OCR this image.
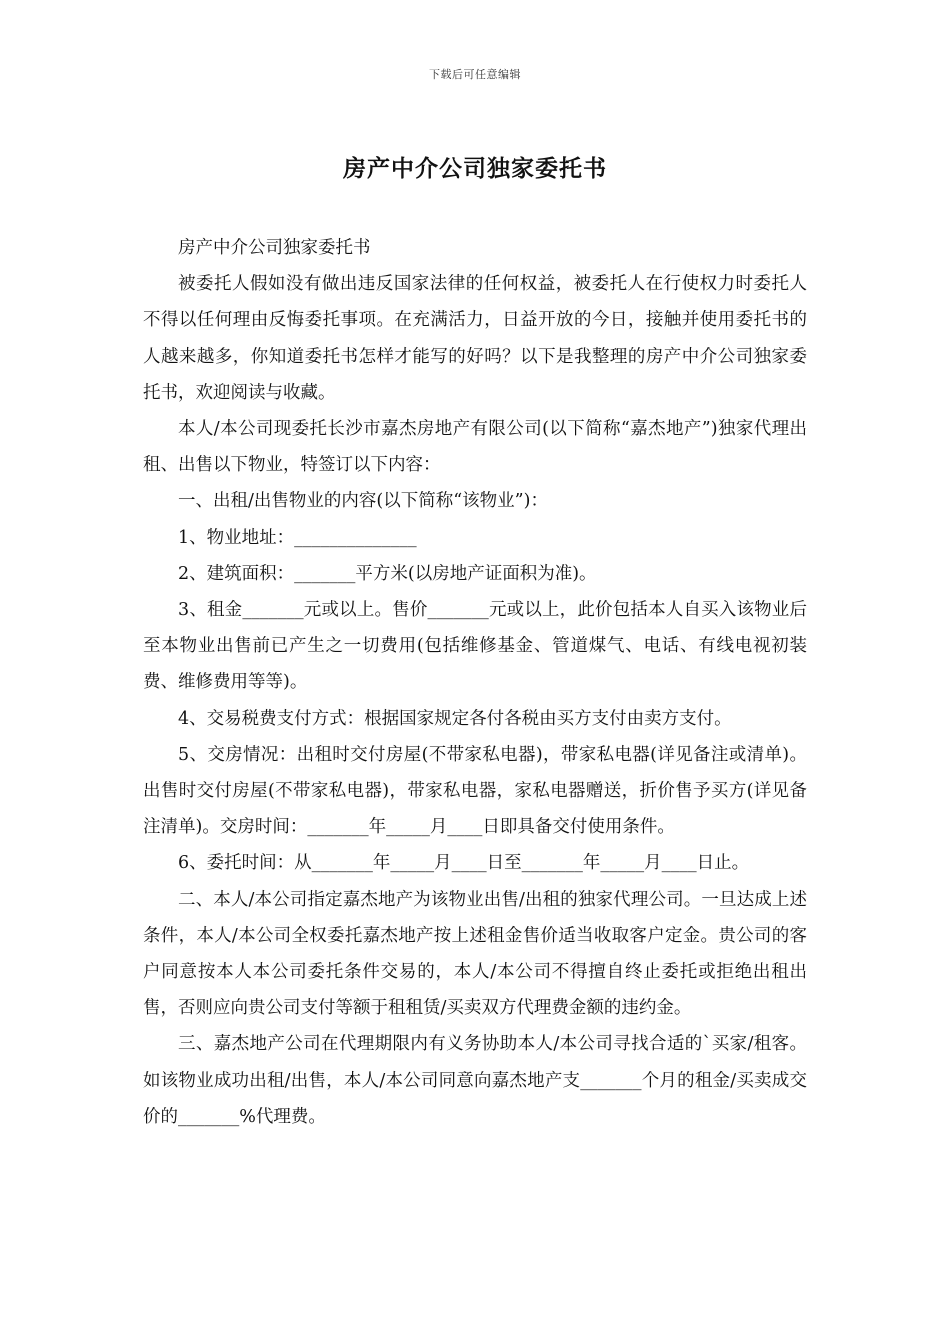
下载后可任意编辑
房产中介公司独家委托书

房产中介公司独家委托书

被委托人假如没有做出违反国家法律的任何权益，被委托人在行使权力时委托人不得以任何理由反悔委托事项。在充满活力，日益开放的今日，接触并使用委托书的人越来越多，你知道委托书怎样才能写的好吗？以下是我整理的房产中介公司独家委托书，欢迎阅读与收藏。

本人/本公司现委托长沙市嘉杰房地产有限公司(以下简称“嘉杰地产”)独家代理出租、出售以下物业，特签订以下内容：

一、出租/出售物业的内容(以下简称“该物业”)：

1、物业地址：______________

2、建筑面积：_______平方米(以房地产证面积为准)。

3、租金_______元或以上。售价_______元或以上，此价包括本人自买入该物业后至本物业出售前已产生之一切费用(包括维修基金、管道煤气、电话、有线电视初装费、维修费用等等)。

4、交易税费支付方式：根据国家规定各付各税由买方支付由卖方支付。

5、交房情况：出租时交付房屋(不带家私电器)，带家私电器(详见备注或清单)。出售时交付房屋(不带家私电器)，带家私电器，家私电器赠送，折价售予买方(详见备注清单)。交房时间：_______年_____月____日即具备交付使用条件。

6、委托时间：从_______年_____月____日至_______年_____月____日止。

二、本人/本公司指定嘉杰地产为该物业出售/出租的独家代理公司。一旦达成上述条件，本人/本公司全权委托嘉杰地产按上述租金售价适当收取客户定金。贵公司的客户同意按本人本公司委托条件交易的，本人/本公司不得擅自终止委托或拒绝出租出售，否则应向贵公司支付等额于租租赁/买卖双方代理费金额的违约金。

三、嘉杰地产公司在代理期限内有义务协助本人/本公司寻找合适的`买家/租客。如该物业成功出租/出售，本人/本公司同意向嘉杰地产支_______个月的租金/买卖成交价的_______%代理费。
